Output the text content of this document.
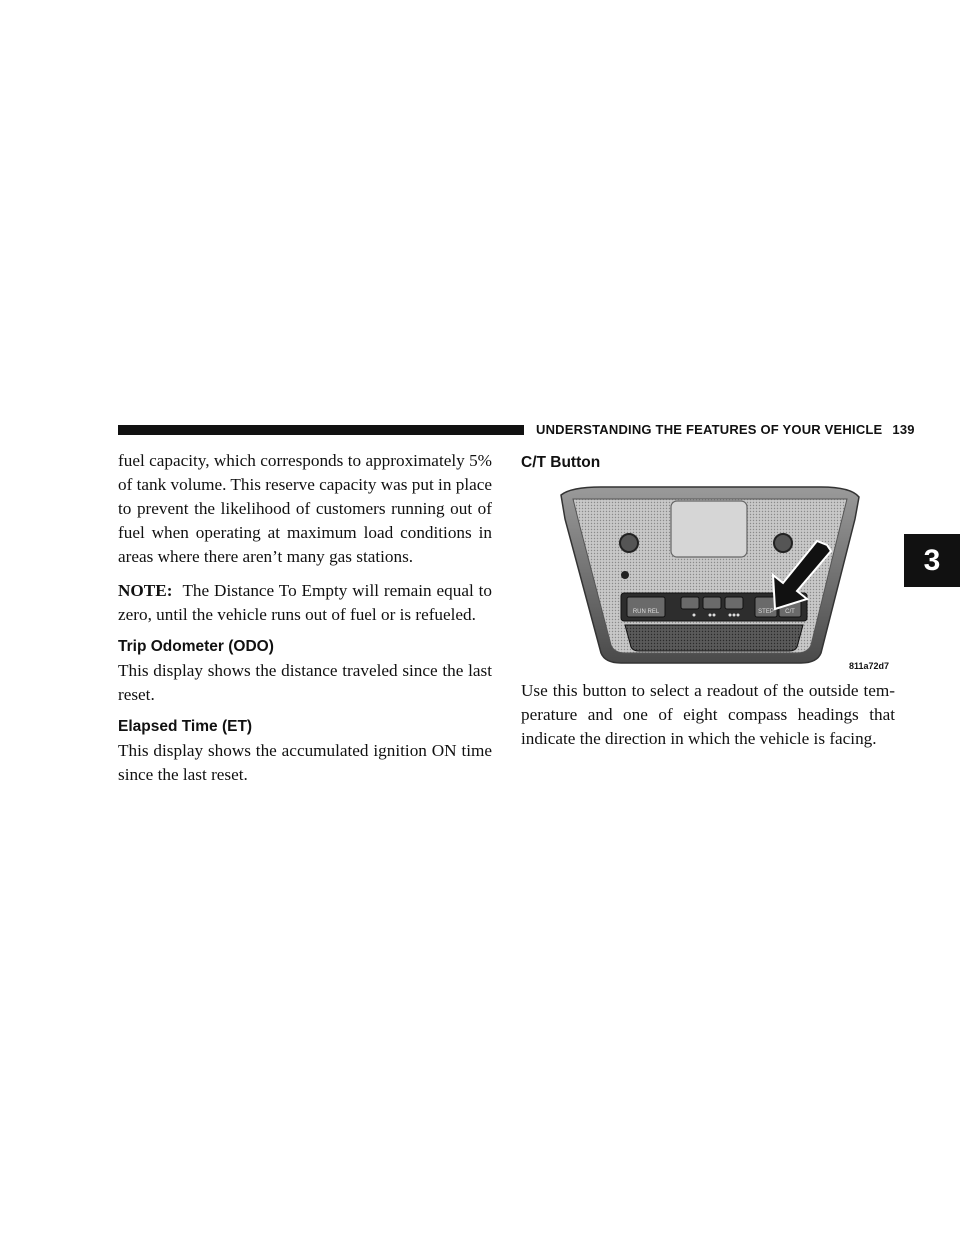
UNDERSTANDING THE FEATURES OF YOUR VEHICLE 139
3

fuel capacity, which corresponds to approximately 5% of tank volume. This reserve capacity was put in place to prevent the likelihood of customers running out of fuel when operating at maximum load conditions in areas where there aren’t many gas stations.

NOTE: The Distance To Empty will remain equal to zero, until the vehicle runs out of fuel or is refueled.

Trip Odometer (ODO)

This display shows the distance traveled since the last reset.

Elapsed Time (ET)

This display shows the accumulated ignition ON time since the last reset.

C/T Button
RUN REL	STEP C/T
811a72d7

Use this button to select a readout of the outside tem-perature and one of eight compass headings that indicate the direction in which the vehicle is facing.
